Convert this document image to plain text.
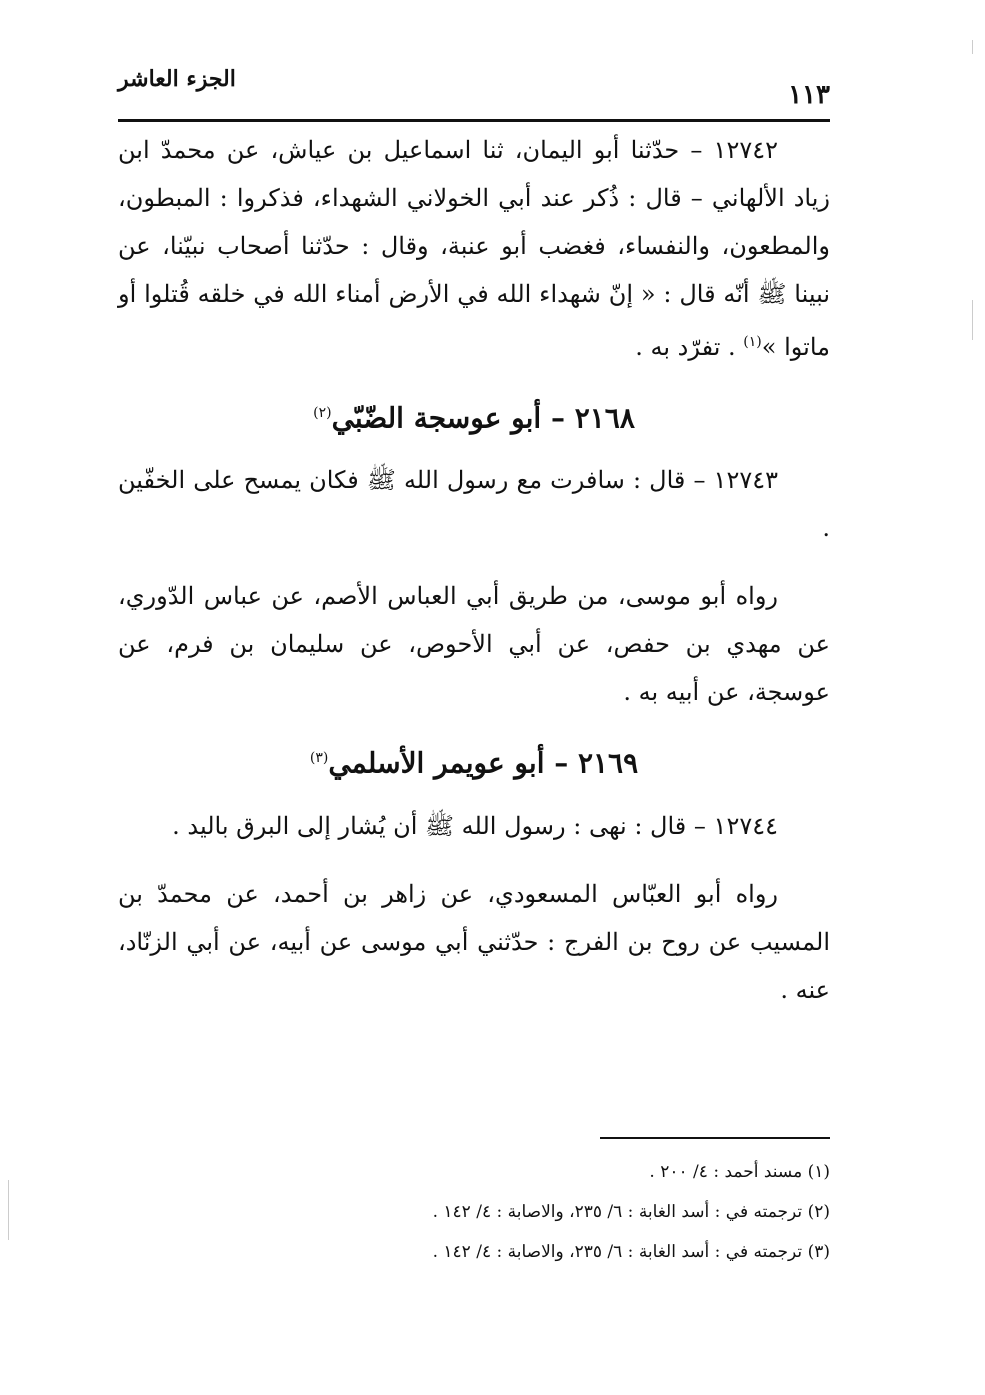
الجزء العاشر
١١٣

١٢٧٤٢ – حدّثنا أبو اليمان، ثنا اسماعيل بن عياش، عن محمدّ ابن زياد الألهاني – قال : ذُكر عند أبي الخولاني الشهداء، فذكروا : المبطون، والمطعون، والنفساء، فغضب أبو عنبة، وقال : حدّثنا أصحاب نبيّنا، عن نبينا ﷺ أنّه قال : « إنّ شهداء الله في الأرض أمناء الله في خلقه قُتلوا أو ماتوا »$^{(١)}$ . تفرّد به .

٢١٦٨ – أبو عوسجة الضّبّي$^{(٢)}$

١٢٧٤٣ – قال : سافرت مع رسول الله ﷺ فكان يمسح على الخفّين .

رواه أبو موسى، من طريق أبي العباس الأصم، عن عباس الدّوري، عن مهدي بن حفص، عن أبي الأحوص، عن سليمان بن فرم، عن عوسجة، عن أبيه به .

٢١٦٩ – أبو عويمر الأسلمي$^{(٣)}$

١٢٧٤٤ – قال : نهى : رسول الله ﷺ أن يُشار إلى البرق باليد .

رواه أبو العبّاس المسعودي، عن زاهر بن أحمد، عن محمدّ بن المسيب عن روح بن الفرج : حدّثني أبي موسى عن أبيه، عن أبي الزنّاد، عنه .

(١) مسند أحمد : ٤/ ٢٠٠ .

(٢) ترجمته في : أسد الغابة : ٦/ ٢٣٥، والاصابة : ٤/ ١٤٢ .

(٣) ترجمته في : أسد الغابة : ٦/ ٢٣٥، والاصابة : ٤/ ١٤٢ .
